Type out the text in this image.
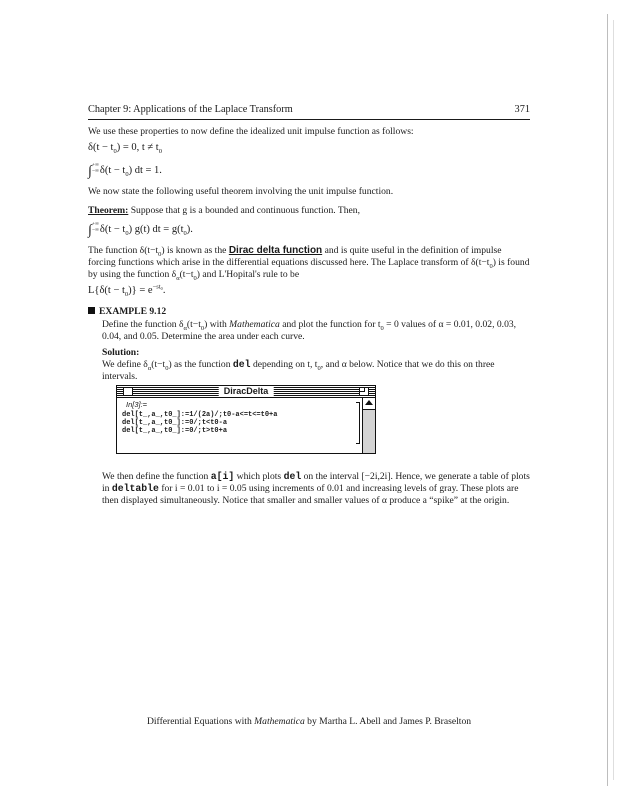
Chapter 9: Applications of the Laplace Transform	371

We use these properties to now define the idealized unit impulse function as follows:

$\delta(t - t_0) = 0$, $t \ne t_0$
∫ +∞
−∞ $\delta(t - t_0)$ dt = 1.

We now state the following useful theorem involving the unit impulse function.

Theorem: Suppose that g is a bounded and continuous function. Then,

∫ +∞
−∞ $\delta(t - t_0)$ g(t) dt = $g(t_0)$.

The function $\delta(t-t_0)$ is known as the Dirac delta function and is quite useful in the definition of impulse forcing functions which arise in the differential equations discussed here. The Laplace transform of $\delta(t-t_0)$ is found by using the function $\delta_\alpha(t-t_0)$ and L'Hopital's rule to be

$L\{\delta(t - t_0)\} = e^{-st_0}$.
EXAMPLE 9.12

Define the function $\delta_\alpha(t-t_0)$ with Mathematica and plot the function for $t_0 = 0$ values of α = 0.01, 0.02, 0.03, 0.04, and 0.05. Determine the area under each curve.

Solution:

We define $\delta_\alpha(t-t_0)$ as the function del depending on t, $t_0$, and α below. Notice that we do this on three intervals.

We then define the function a[i] which plots del on the interval [−2i,2i]. Hence, we generate a table of plots in deltable for i = 0.01 to i = 0.05 using increments of 0.01 and increasing levels of gray. These plots are then displayed simultaneously. Notice that smaller and smaller values of α produce a “spike” at the origin.

DiracDelta
In[3]:=
del[t_,a_,t0_]:=1/(2a)/;t0-a<=t<=t0+a
del[t_,a_,t0_]:=0/;t<t0-a
del[t_,a_,t0_]:=0/;t>t0+a
Differential Equations with Mathematica by Martha L. Abell and James P. Braselton
